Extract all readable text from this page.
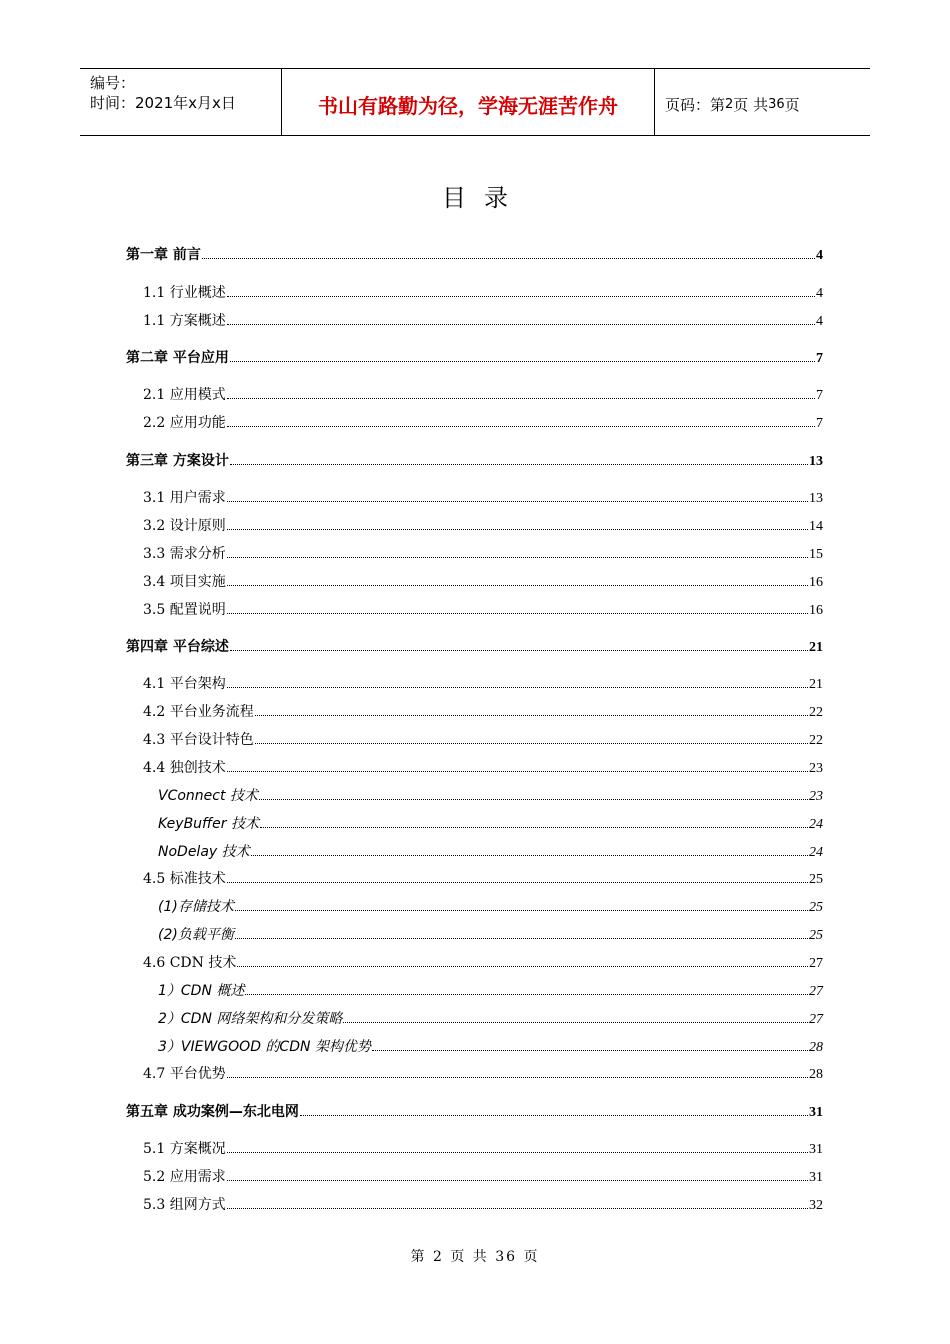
编号：
时间：2021年x月x日	书山有路勤为径，学海无涯苦作舟	页码：第 2 页 共 36 页
目录
第一章 前言	4
1.1 行业概述	4
1.1 方案概述	4
第二章 平台应用	7
2.1 应用模式	7
2.2 应用功能	7
第三章 方案设计	13
3.1 用户需求	13
3.2 设计原则	14
3.3 需求分析	15
3.4 项目实施	16
3.5 配置说明	16
第四章 平台综述	21
4.1 平台架构	21
4.2 平台业务流程	22
4.3 平台设计特色	22
4.4 独创技术	23
VConnect 技术	23
KeyBuffer 技术	24
NoDelay 技术	24
4.5 标准技术	25
(1)存储技术	25
(2)负载平衡	25
4.6 CDN 技术	27
1）CDN 概述	27
2）CDN 网络架构和分发策略	27
3）VIEWGOOD 的CDN 架构优势	28
4.7 平台优势	28
第五章 成功案例—东北电网	31
5.1 方案概况	31
5.2 应用需求	31
5.3 组网方式	32
第 2 页 共 36 页
